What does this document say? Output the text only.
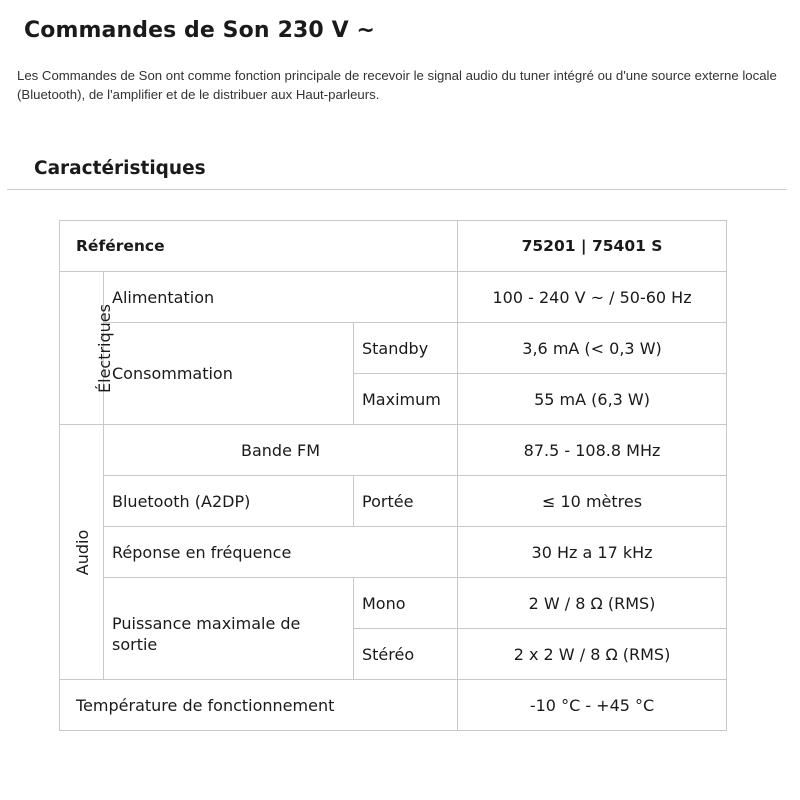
Commandes de Son 230 V ~

Les Commandes de Son ont comme fonction principale de recevoir le signal audio du tuner intégré ou d'une source externe locale (Bluetooth), de l'amplifier et de le distribuer aux Haut-parleurs.

Caractéristiques
Référence			75201 | 75401 S
Électriques	Alimentation		100 - 240 V ~ / 50-60 Hz
	Consommation	Standby	3,6 mA (< 0,3 W)
		Maximum	55 mA (6,3 W)
Audio	Bande FM		87.5 - 108.8 MHz
	Bluetooth (A2DP)	Portée	≤ 10 mètres
	Réponse en fréquence		30 Hz a 17 kHz
	Puissance maximale de sortie	Mono	2 W / 8 Ω (RMS)
		Stéréo	2 x 2 W / 8 Ω (RMS)
Température de fonctionnement			-10 °C - +45 °C
